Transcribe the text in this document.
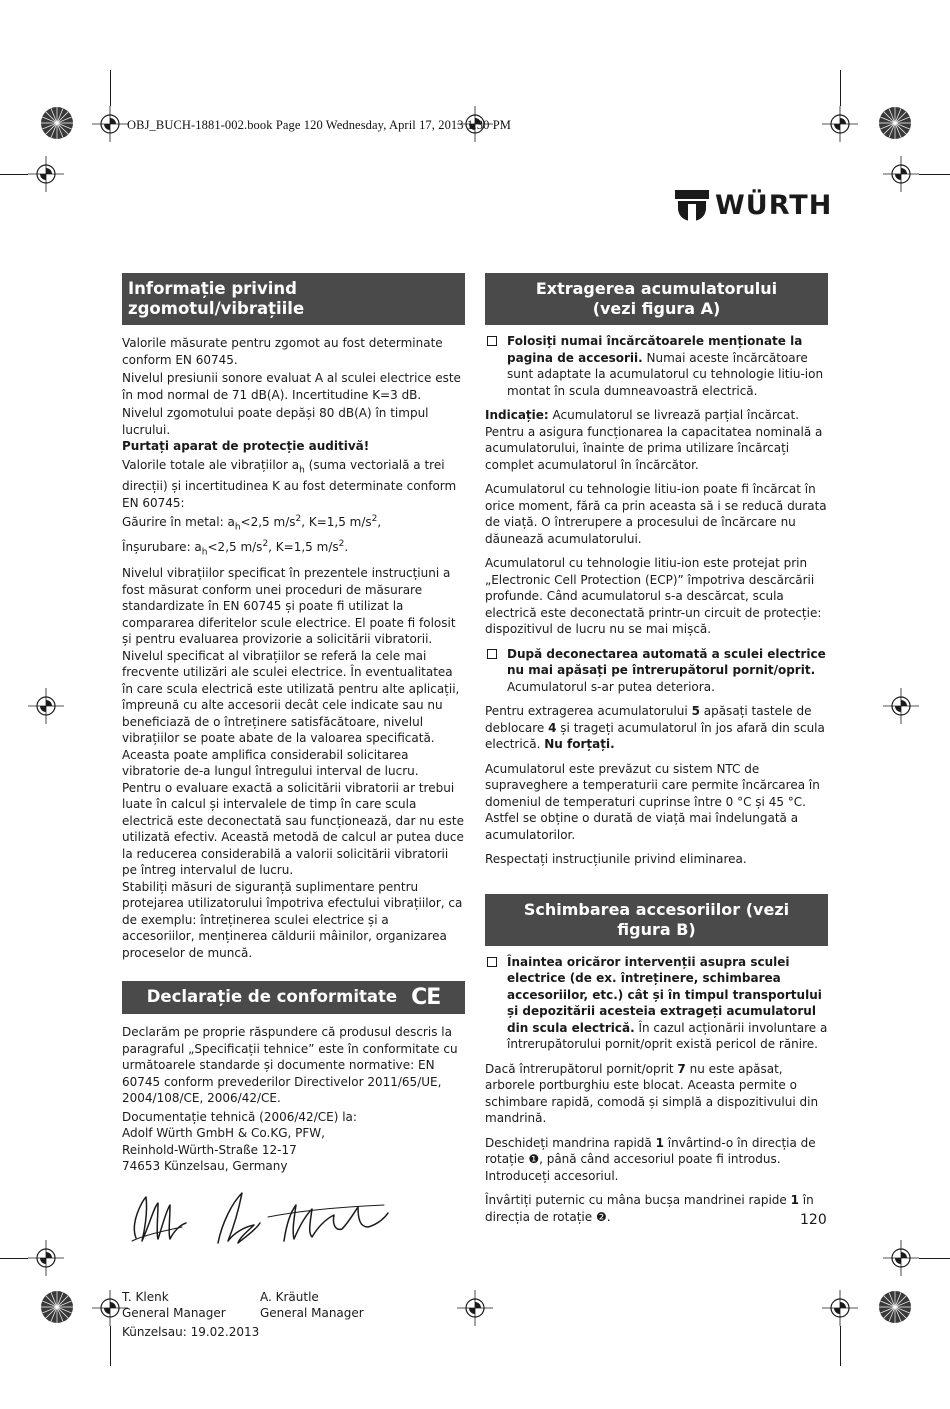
OBJ_BUCH-1881-002.book Page 120 Wednesday, April 17, 2013 1:30 PM
WÜRTH
Informație privind zgomotul/vibrațiile
Valorile măsurate pentru zgomot au fost determinate conform EN 60745.
Nivelul presiunii sonore evaluat A al sculei electrice este în mod normal de 71 dB(A). Incertitudine K=3 dB.
Nivelul zgomotului poate depăși 80 dB(A) în timpul lucrului.
Purtați aparat de protecție auditivă!
Valorile totale ale vibrațiilor $a_h$ (suma vectorială a trei direcții) și incertitudinea K au fost determinate conform EN 60745:
Găurire în metal: $a_h<2,5$ $m/s^2$, K=1,5 $m/s^2$,
Înșurubare: $a_h<2,5$ $m/s^2$, K=1,5 $m/s^2$.
Nivelul vibrațiilor specificat în prezentele instrucțiuni a fost măsurat conform unei proceduri de măsurare standardizate în EN 60745 și poate fi utilizat la compararea diferitelor scule electrice. El poate fi folosit și pentru evaluarea provizorie a solicitării vibratorii.
Nivelul specificat al vibrațiilor se referă la cele mai frecvente utilizări ale sculei electrice. În eventualitatea în care scula electrică este utilizată pentru alte aplicații, împreună cu alte accesorii decât cele indicate sau nu beneficiază de o întreținere satisfăcătoare, nivelul vibrațiilor se poate abate de la valoarea specificată. Aceasta poate amplifica considerabil solicitarea vibratorie de-a lungul întregului interval de lucru.
Pentru o evaluare exactă a solicitării vibratorii ar trebui luate în calcul și intervalele de timp în care scula electrică este deconectată sau funcționează, dar nu este utilizată efectiv. Această metodă de calcul ar putea duce la reducerea considerabilă a valorii solicitării vibratorii pe întreg intervalul de lucru.
Stabiliți măsuri de siguranță suplimentare pentru protejarea utilizatorului împotriva efectului vibrațiilor, ca de exemplu: întreținerea sculei electrice și a accesoriilor, menținerea căldurii mâinilor, organizarea proceselor de muncă.
Declarație de conformitate CE
Declarăm pe proprie răspundere că produsul descris la paragraful „Specificații tehnice” este în conformitate cu următoarele standarde și documente normative: EN 60745 conform prevederilor Directivelor 2011/65/UE, 2004/108/CE, 2006/42/CE.
Documentație tehnică (2006/42/CE) la:
Adolf Würth GmbH & Co.KG, PFW,
Reinhold-Würth-Straße 12-17
74653 Künzelsau, Germany
T. Klenk
General Manager
A. Kräutle
General Manager
Künzelsau: 19.02.2013
Extragerea acumulatorului (vezi figura A)
Folosiți numai încărcătoarele menționate la pagina de accesorii. Numai aceste încărcătoare sunt adaptate la acumulatorul cu tehnologie litiu-ion montat în scula dumneavoastră electrică.
Indicație: Acumulatorul se livrează parțial încărcat. Pentru a asigura funcționarea la capacitatea nominală a acumulatorului, înainte de prima utilizare încărcați complet acumulatorul în încărcător.
Acumulatorul cu tehnologie litiu-ion poate fi încărcat în orice moment, fără ca prin aceasta să i se reducă durata de viață. O întrerupere a procesului de încărcare nu dăunează acumulatorului.
Acumulatorul cu tehnologie litiu-ion este protejat prin „Electronic Cell Protection (ECP)” împotriva descărcării profunde. Când acumulatorul s-a descărcat, scula electrică este deconectată printr-un circuit de protecție: dispozitivul de lucru nu se mai mișcă.
După deconectarea automată a sculei electrice nu mai apăsați pe întrerupătorul pornit/oprit. Acumulatorul s-ar putea deteriora.
Pentru extragerea acumulatorului 5 apăsați tastele de deblocare 4 și trageți acumulatorul în jos afară din scula electrică. Nu forțați.
Acumulatorul este prevăzut cu sistem NTC de supraveghere a temperaturii care permite încărcarea în domeniul de temperaturi cuprinse între 0 °C și 45 °C. Astfel se obține o durată de viață mai îndelungată a acumulatorilor.
Respectați instrucțiunile privind eliminarea.
Schimbarea accesoriilor (vezi figura B)
Înaintea oricăror intervenții asupra sculei electrice (de ex. întreținere, schimbarea accesoriilor, etc.) cât și în timpul transportului și depozitării acesteia extrageți acumulatorul din scula electrică. În cazul acționării involuntare a întrerupătorului pornit/oprit există pericol de rănire.
Dacă întrerupătorul pornit/oprit 7 nu este apăsat, arborele portburghiu este blocat. Aceasta permite o schimbare rapidă, comodă și simplă a dispozitivului din mandrină.
Deschideți mandrina rapidă 1 învârtind-o în direcția de rotație ❶, până când accesoriul poate fi introdus. Introduceți accesoriul.
Învârtiți puternic cu mâna bucșa mandrinei rapide 1 în direcția de rotație ❷.	120
